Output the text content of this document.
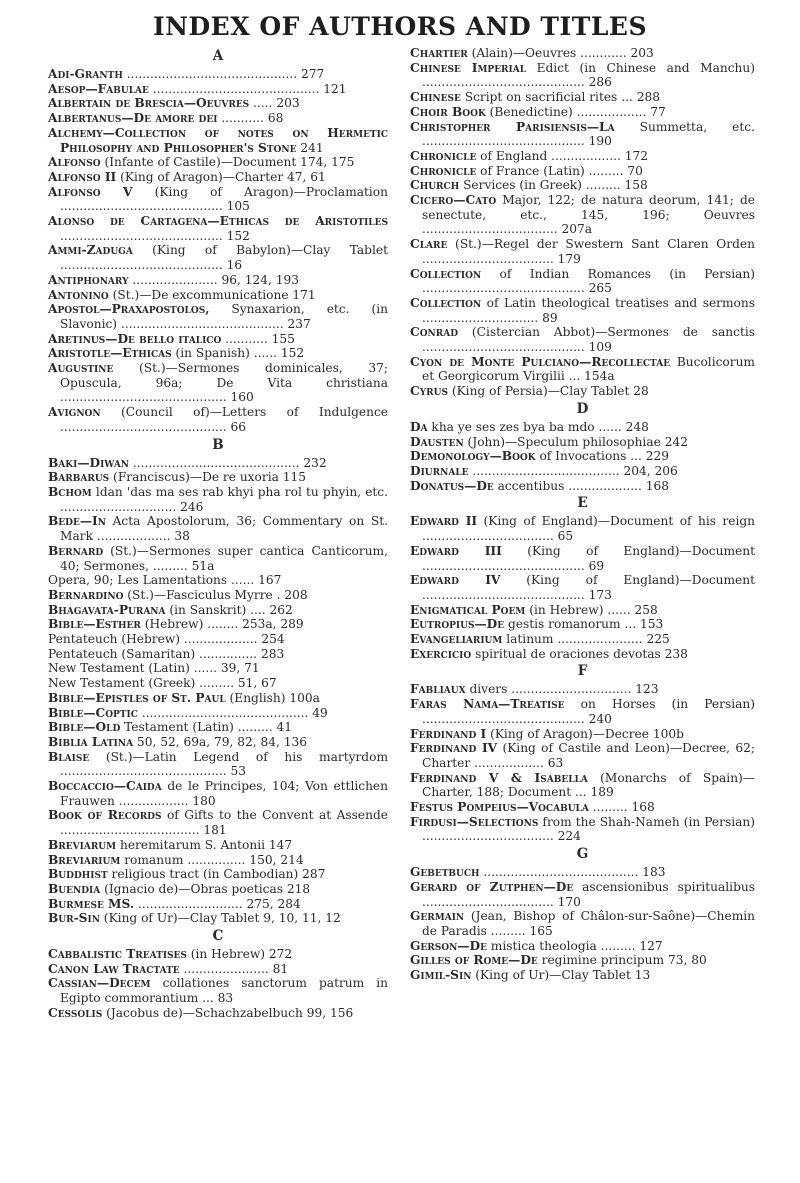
INDEX OF AUTHORS AND TITLES
A

Adi-Granth ............................................ 277

Aesop—Fabulae ........................................... 121

Albertain de Brescia—Oeuvres ..... 203

Albertanus—De amore dei ........... 68

Alchemy—Collection of notes on Hermetic Philosophy and Philosopher's Stone 241

Alfonso (Infante of Castile)—Document 174, 175

Alfonso II (King of Aragon)—Charter 47, 61

Alfonso V (King of Aragon)—Proclamation .......................................... 105

Alonso de Cartagena—Ethicas de Aristotiles .......................................... 152

Ammi-Zaduga (King of Babylon)—Clay Tablet .......................................... 16

Antiphonary ...................... 96, 124, 193

Antonino (St.)—De excommunicatione 171

Apostol—Praxapostolos, Synaxarion, etc. (in Slavonic) .......................................... 237

Aretinus—De bello italico ........... 155

Aristotle—Ethicas (in Spanish) ...... 152

Augustine (St.)—Sermones dominicales, 37; Opuscula, 96a; De Vita christiana ........................................... 160

Avignon (Council of)—Letters of Indulgence ........................................... 66

B

Baki—Diwan ........................................... 232

Barbarus (Franciscus)—De re uxoria 115

Bchom ldan 'das ma ses rab khyi pha rol tu phyin, etc. .............................. 246

Bede—In Acta Apostolorum, 36; Commentary on St. Mark ................... 38

Bernard (St.)—Sermones super cantica Canticorum, 40; Sermones, ......... 51a

Opera, 90; Les Lamentations ...... 167

Bernardino (St.)—Fasciculus Myrre . 208

Bhagavata-Purana (in Sanskrit) .... 262

Bible—Esther (Hebrew) ........ 253a, 289

Pentateuch (Hebrew) ................... 254

Pentateuch (Samaritan) ............... 283

New Testament (Latin) ...... 39, 71

New Testament (Greek) ......... 51, 67

Bible—Epistles of St. Paul (English) 100a

Bible—Coptic ........................................... 49

Bible—Old Testament (Latin) ......... 41

Biblia Latina 50, 52, 69a, 79, 82, 84, 136

Blaise (St.)—Latin Legend of his martyrdom ........................................... 53

Boccaccio—Caida de le Principes, 104; Von ettlichen Frauwen .................. 180

Book of Records of Gifts to the Convent at Assende .................................... 181

Breviarum heremitarum S. Antonii 147

Breviarium romanum ............... 150, 214

Buddhist religious tract (in Cambodian) 287

Buendia (Ignacio de)—Obras poeticas 218

Burmese MS. ........................... 275, 284

Bur-Sin (King of Ur)—Clay Tablet 9, 10, 11, 12

C

Cabbalistic Treatises (in Hebrew) 272

Canon Law Tractate ...................... 81

Cassian—Decem collationes sanctorum patrum in Egipto commorantium ... 83

Cessolis (Jacobus de)—Schachzabelbuch 99, 156

Chartier (Alain)—Oeuvres ............ 203

Chinese Imperial Edict (in Chinese and Manchu) .......................................... 286

Chinese Script on sacrificial rites ... 288

Choir Book (Benedictine) .................. 77

Christopher Parisiensis—La Summetta, etc. .......................................... 190

Chronicle of England .................. 172

Chronicle of France (Latin) ......... 70

Church Services (in Greek) ......... 158

Cicero—Cato Major, 122; de natura deorum, 141; de senectute, etc., 145, 196; Oeuvres ................................... 207a

Clare (St.)—Regel der Swestern Sant Claren Orden .................................. 179

Collection of Indian Romances (in Persian) .......................................... 265

Collection of Latin theological treatises and sermons .............................. 89

Conrad (Cistercian Abbot)—Sermones de sanctis .......................................... 109

Cyon de Monte Pulciano—Recollectae Bucolicorum et Georgicorum Virgilii ... 154a

Cyrus (King of Persia)—Clay Tablet 28

D

Da kha ye ses zes bya ba mdo ...... 248

Dausten (John)—Speculum philosophiae 242

Demonology—Book of Invocations ... 229

Diurnale ...................................... 204, 206

Donatus—De accentibus ................... 168

E

Edward II (King of England)—Document of his reign .................................. 65

Edward III (King of England)—Document .......................................... 69

Edward IV (King of England)—Document .......................................... 173

Enigmatical Poem (in Hebrew) ...... 258

Eutropius—De gestis romanorum ... 153

Evangeliarium latinum ...................... 225

Exercicio spiritual de oraciones devotas 238

F

Fabliaux divers ............................... 123

Faras Nama—Treatise on Horses (in Persian) .......................................... 240

Ferdinand I (King of Aragon)—Decree 100b

Ferdinand IV (King of Castile and Leon)—Decree, 62; Charter .................. 63

Ferdinand V & Isabella (Monarchs of Spain)—Charter, 188; Document ... 189

Festus Pompeius—Vocabula ......... 168

Firdusi—Selections from the Shah-Nameh (in Persian) .................................. 224

G

Gebetbuch ........................................ 183

Gerard of Zutphen—De ascensionibus spiritualibus .................................. 170

Germain (Jean, Bishop of Châlon-sur-Saône)—Chemin de Paradis ......... 165

Gerson—De mistica theologia ......... 127

Gilles of Rome—De regimine principum 73, 80

Gimil-Sin (King of Ur)—Clay Tablet 13
